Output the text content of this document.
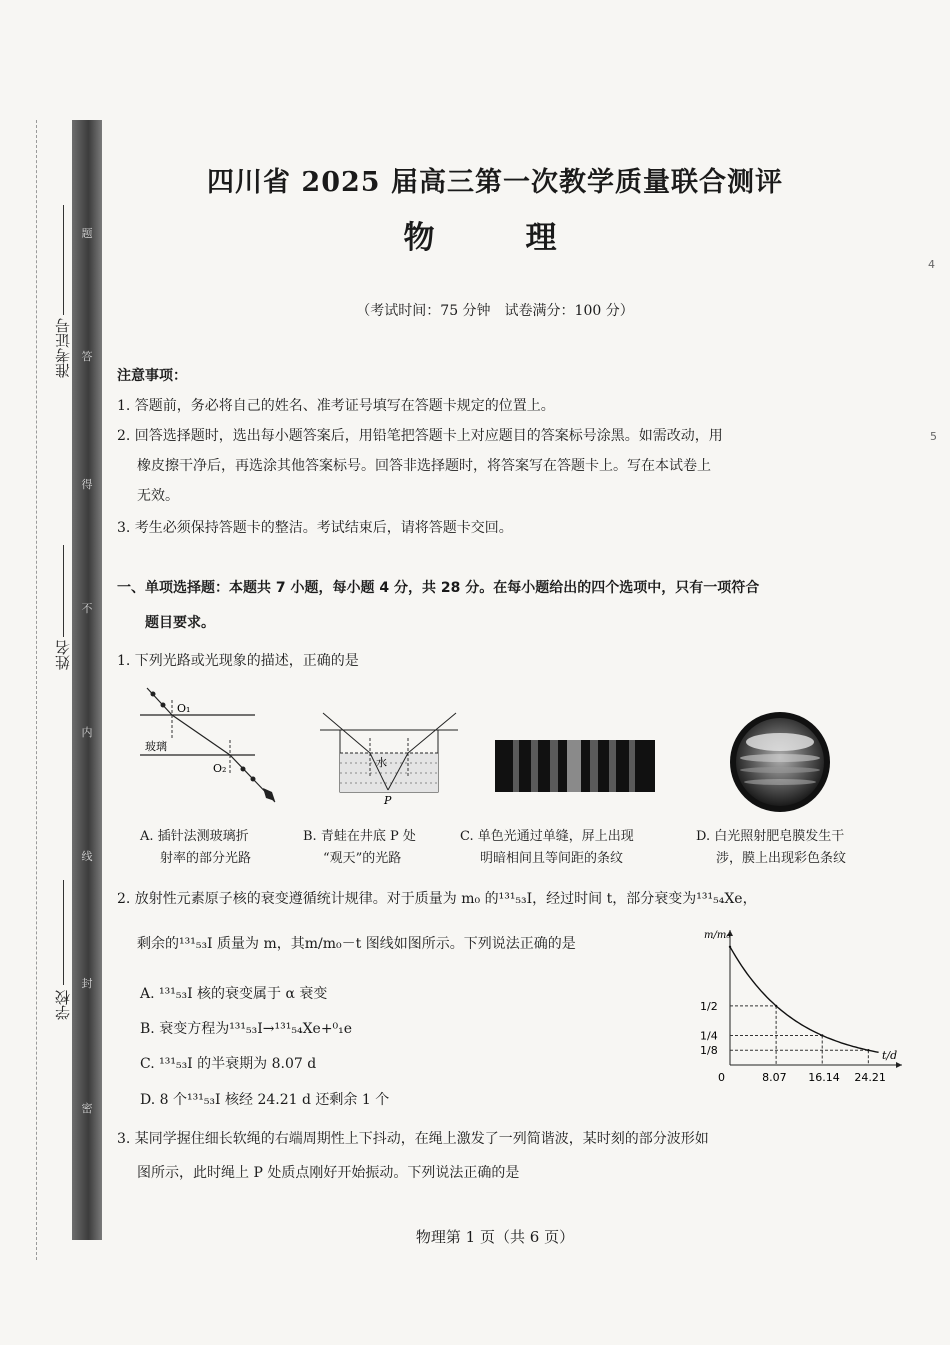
题
答
得
不
内
线
封
密
准考证号
姓名
学校
4
5
四川省 2025 届高三第一次教学质量联合测评
物　理
（考试时间：75 分钟　试卷满分：100 分）
注意事项：
1. 答题前，务必将自己的姓名、准考证号填写在答题卡规定的位置上。
2. 回答选择题时，选出每小题答案后，用铅笔把答题卡上对应题目的答案标号涂黑。如需改动，用
橡皮擦干净后，再选涂其他答案标号。回答非选择题时，将答案写在答题卡上。写在本试卷上
无效。
3. 考生必须保持答题卡的整洁。考试结束后，请将答题卡交回。
一、单项选择题：本题共 7 小题，每小题 4 分，共 28 分。在每小题给出的四个选项中，只有一项符合
题目要求。
1. 下列光路或光现象的描述，正确的是
O₁
玻璃
O₂	水
P
A. 插针法测玻璃折
射率的部分光路
B. 青蛙在井底 P 处
“观天”的光路
C. 单色光通过单缝，屏上出现
明暗相间且等间距的条纹
D. 白光照射肥皂膜发生干
涉，膜上出现彩色条纹
2. 放射性元素原子核的衰变遵循统计规律。对于质量为 m₀ 的¹³¹₅₃I，经过时间 t，部分衰变为¹³¹₅₄Xe，
剩余的¹³¹₅₃I 质量为 m，其m/m₀－t 图线如图所示。下列说法正确的是
A. ¹³¹₅₃I 核的衰变属于 α 衰变
B. 衰变方程为¹³¹₅₃I→¹³¹₅₄Xe+⁰₁e
C. ¹³¹₅₃I 的半衰期为 8.07 d
D. 8 个¹³¹₅₃I 核经 24.21 d 还剩余 1 个
m/m₀
t/d
0	8.07 16.14 24.21
1/2
1/4
1/8
3. 某同学握住细长软绳的右端周期性上下抖动，在绳上激发了一列简谐波，某时刻的部分波形如
图所示，此时绳上 P 处质点刚好开始振动。下列说法正确的是
物理第 1 页（共 6 页）
